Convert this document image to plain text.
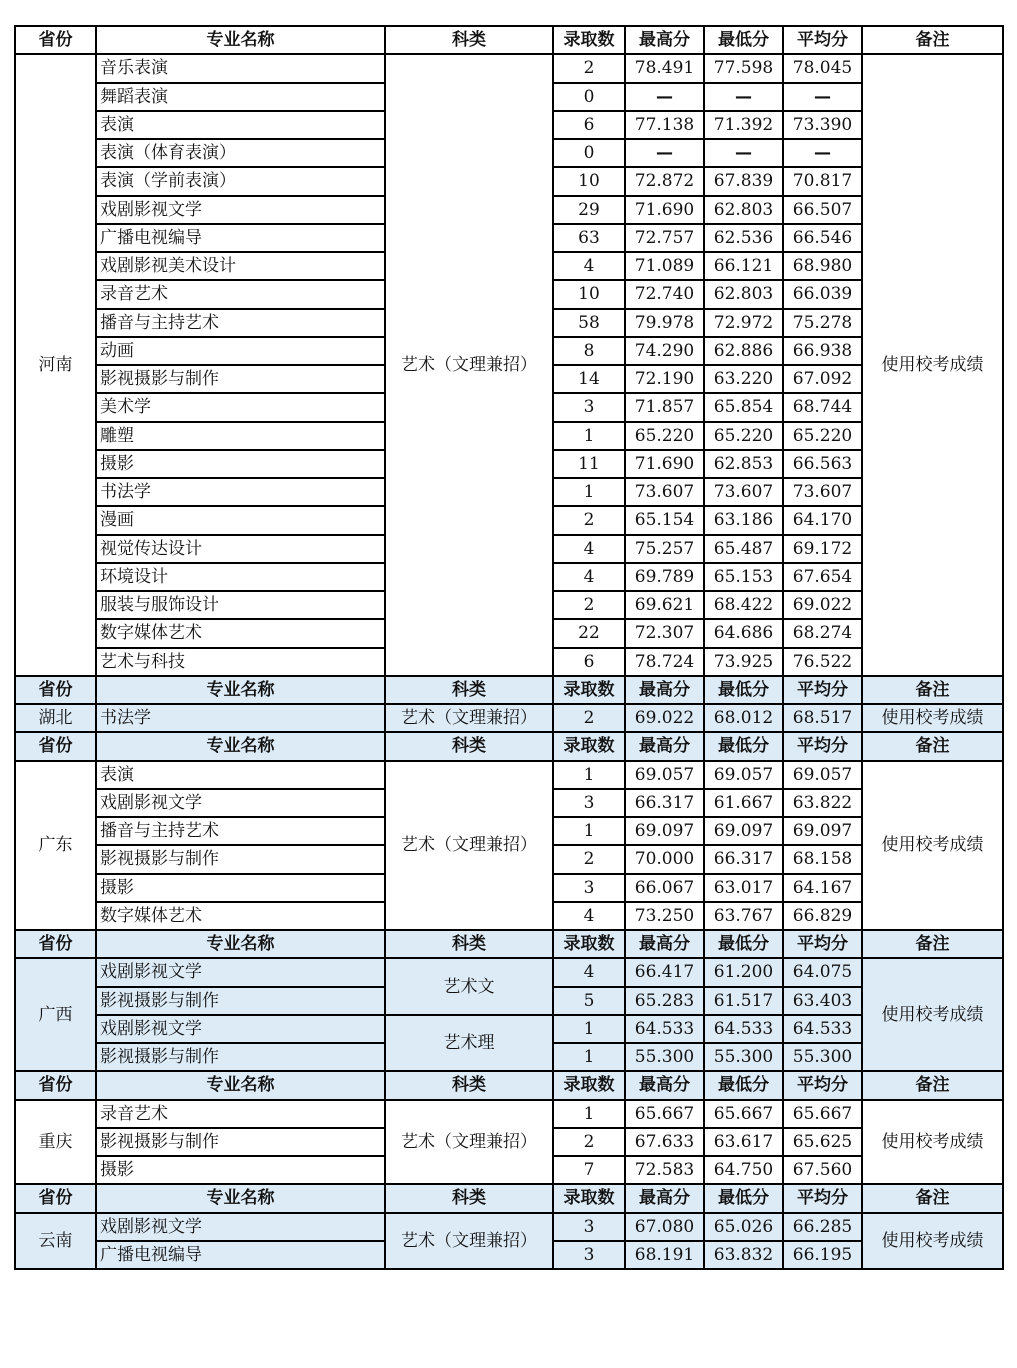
省份	专业名称	科类	录取数	最高分	最低分	平均分	备注
河南	音乐表演	艺术（文理兼招）	2	78.491	77.598	78.045	使用校考成绩
	舞蹈表演		0	—	—	—	
	表演		6	77.138	71.392	73.390	
	表演（体育表演）		0	—	—	—	
	表演（学前表演）		10	72.872	67.839	70.817	
	戏剧影视文学		29	71.690	62.803	66.507	
	广播电视编导		63	72.757	62.536	66.546	
	戏剧影视美术设计		4	71.089	66.121	68.980	
	录音艺术		10	72.740	62.803	66.039	
	播音与主持艺术		58	79.978	72.972	75.278	
	动画		8	74.290	62.886	66.938	
	影视摄影与制作		14	72.190	63.220	67.092	
	美术学		3	71.857	65.854	68.744	
	雕塑		1	65.220	65.220	65.220	
	摄影		11	71.690	62.853	66.563	
	书法学		1	73.607	73.607	73.607	
	漫画		2	65.154	63.186	64.170	
	视觉传达设计		4	75.257	65.487	69.172	
	环境设计		4	69.789	65.153	67.654	
	服装与服饰设计		2	69.621	68.422	69.022	
	数字媒体艺术		22	72.307	64.686	68.274	
	艺术与科技		6	78.724	73.925	76.522	
省份	专业名称	科类	录取数	最高分	最低分	平均分	备注
湖北	书法学	艺术（文理兼招）	2	69.022	68.012	68.517	使用校考成绩
省份	专业名称	科类	录取数	最高分	最低分	平均分	备注
广东	表演	艺术（文理兼招）	1	69.057	69.057	69.057	使用校考成绩
	戏剧影视文学		3	66.317	61.667	63.822	
	播音与主持艺术		1	69.097	69.097	69.097	
	影视摄影与制作		2	70.000	66.317	68.158	
	摄影		3	66.067	63.017	64.167	
	数字媒体艺术		4	73.250	63.767	66.829	
省份	专业名称	科类	录取数	最高分	最低分	平均分	备注
广西	戏剧影视文学	艺术文	4	66.417	61.200	64.075	使用校考成绩
	影视摄影与制作		5	65.283	61.517	63.403	
	戏剧影视文学	艺术理	1	64.533	64.533	64.533	
	影视摄影与制作		1	55.300	55.300	55.300	
省份	专业名称	科类	录取数	最高分	最低分	平均分	备注
重庆	录音艺术	艺术（文理兼招）	1	65.667	65.667	65.667	使用校考成绩
	影视摄影与制作		2	67.633	63.617	65.625	
	摄影		7	72.583	64.750	67.560	
省份	专业名称	科类	录取数	最高分	最低分	平均分	备注
云南	戏剧影视文学	艺术（文理兼招）	3	67.080	65.026	66.285	使用校考成绩
	广播电视编导		3	68.191	63.832	66.195	
